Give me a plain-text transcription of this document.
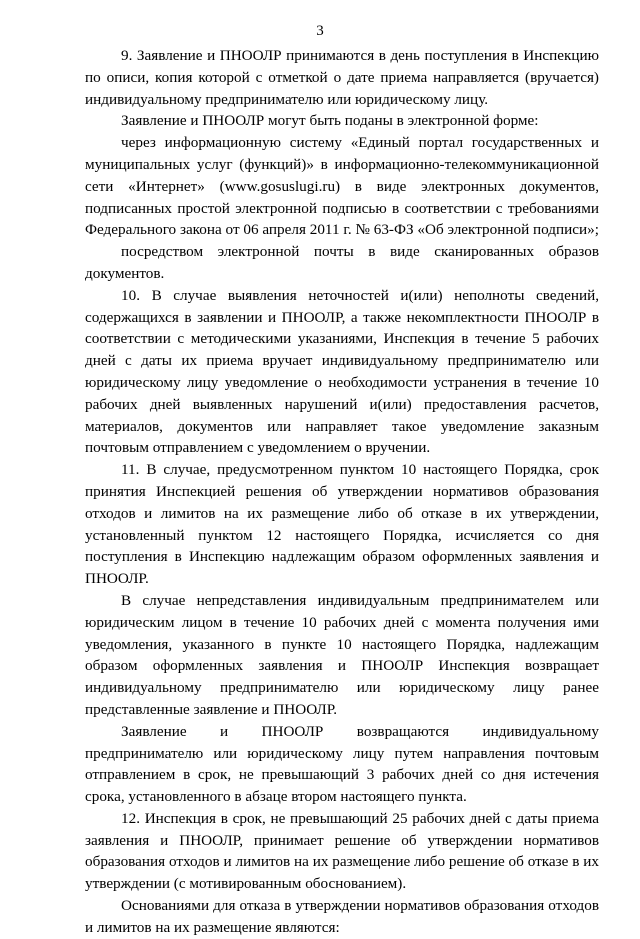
3

9. Заявление и ПНООЛР принимаются в день поступления в Инспекцию по описи, копия которой с отметкой о дате приема направляется (вручается) индивидуальному предпринимателю или юридическому лицу.

Заявление и ПНООЛР могут быть поданы в электронной форме:

через информационную систему «Единый портал государственных и муниципальных услуг (функций)» в информационно-телекоммуникационной сети «Интернет» (www.gosuslugi.ru) в виде электронных документов, подписанных простой электронной подписью в соответствии с требованиями Федерального закона от 06 апреля 2011 г. № 63-ФЗ «Об электронной подписи»;

посредством электронной почты в виде сканированных образов документов.

10. В случае выявления неточностей и(или) неполноты сведений, содержащихся в заявлении и ПНООЛР, а также некомплектности ПНООЛР в соответствии с методическими указаниями, Инспекция в течение 5 рабочих дней с даты их приема вручает индивидуальному предпринимателю или юридическому лицу уведомление о необходимости устранения в течение 10 рабочих дней выявленных нарушений и(или) предоставления расчетов, материалов, документов или направляет такое уведомление заказным почтовым отправлением с уведомлением о вручении.

11. В случае, предусмотренном пунктом 10 настоящего Порядка, срок принятия Инспекцией решения об утверждении нормативов образования отходов и лимитов на их размещение либо об отказе в их утверждении, установленный пунктом 12 настоящего Порядка, исчисляется со дня поступления в Инспекцию надлежащим образом оформленных заявления и ПНООЛР.

В случае непредставления индивидуальным предпринимателем или юридическим лицом в течение 10 рабочих дней с момента получения ими уведомления, указанного в пункте 10 настоящего Порядка, надлежащим образом оформленных заявления и ПНООЛР Инспекция возвращает индивидуальному предпринимателю или юридическому лицу ранее представленные заявление и ПНООЛР.

Заявление и ПНООЛР возвращаются индивидуальному предпринимателю или юридическому лицу путем направления почтовым отправлением в срок, не превышающий 3 рабочих дней со дня истечения срока, установленного в абзаце втором настоящего пункта.

12. Инспекция в срок, не превышающий 25 рабочих дней с даты приема заявления и ПНООЛР, принимает решение об утверждении нормативов образования отходов и лимитов на их размещение либо решение об отказе в их утверждении (с мотивированным обоснованием).

Основаниями для отказа в утверждении нормативов образования отходов и лимитов на их размещение являются:
